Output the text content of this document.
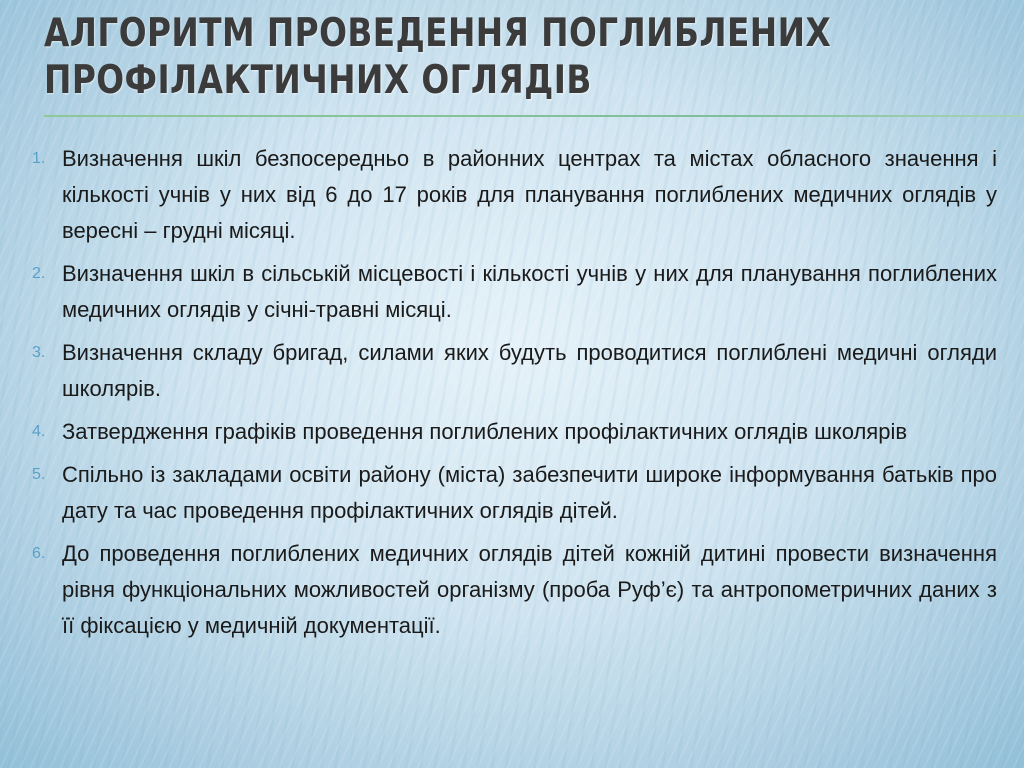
АЛГОРИТМ ПРОВЕДЕННЯ ПОГЛИБЛЕНИХ ПРОФІЛАКТИЧНИХ ОГЛЯДІВ
1. Визначення шкіл безпосередньо в районних центрах та містах обласного значення і кількості учнів у них від 6 до 17 років для планування поглиблених медичних оглядів у вересні – грудні місяці.
2. Визначення шкіл в сільській місцевості і кількості учнів у них для планування поглиблених медичних оглядів у січні-травні місяці.
3. Визначення складу бригад, силами яких будуть проводитися поглиблені медичні огляди школярів.
4. Затвердження графіків проведення поглиблених профілактичних оглядів школярів
5. Спільно із закладами освіти району (міста) забезпечити широке інформування батьків про дату та час проведення профілактичних оглядів дітей.
6. До проведення поглиблених медичних оглядів дітей кожній дитині провести визначення рівня функціональних можливостей організму (проба Руф’є) та антропометричних даних з її фіксацією у медичній документації.
